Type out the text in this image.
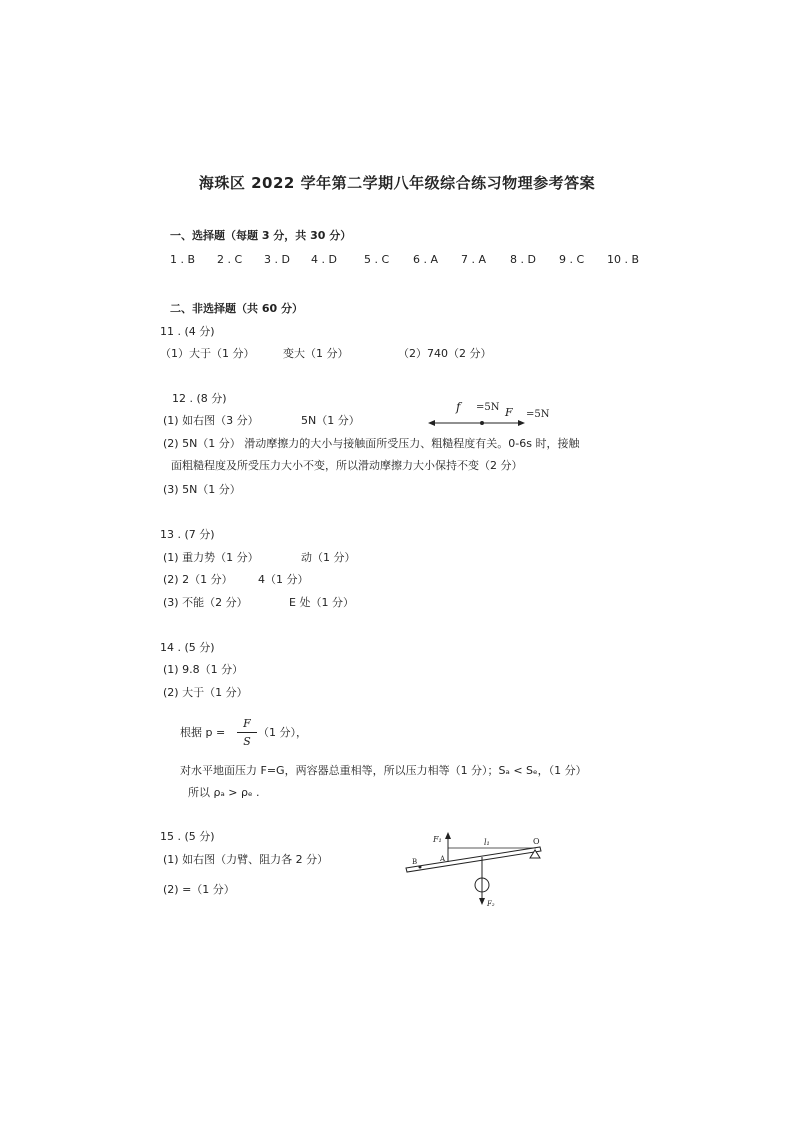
海珠区 2022 学年第二学期八年级综合练习物理参考答案
一、选择题（每题 3 分，共 30 分）
1 . B 2 . C 3 . D 4 . D 5 . C 6 . A 7 . A 8 . D 9 . C 10 . B
二、非选择题（共 60 分）
11 . (4 分)
（1）大于（1 分）	变大（1 分）	（2）740（2 分）
12 . (8 分)
(1) 如右图（3 分）	5N（1 分）
(2) 5N（1 分） 滑动摩擦力的大小与接触面所受压力、粗糙程度有关。0-6s 时，接触
面粗糙程度及所受压力大小不变，所以滑动摩擦力大小保持不变（2 分）
(3) 5N（1 分）
f =5N F =5N
13 . (7 分)
(1) 重力势（1 分）	动（1 分）
(2) 2（1 分） 4（1 分）
(3) 不能（2 分）	E 处（1 分）
14 . (5 分)
(1) 9.8（1 分）
(2) 大于（1 分）
根据 p =
F
S
（1 分），
对水平地面压力 F=G，两容器总重相等，所以压力相等（1 分）；Sₐ < Sₑ，（1 分）
所以 ρₐ > ρₑ .
15 . (5 分)
(1) 如右图（力臂、阻力各 2 分）
(2) =（1 分）
F₁	l₁	O
A
B
F₂
